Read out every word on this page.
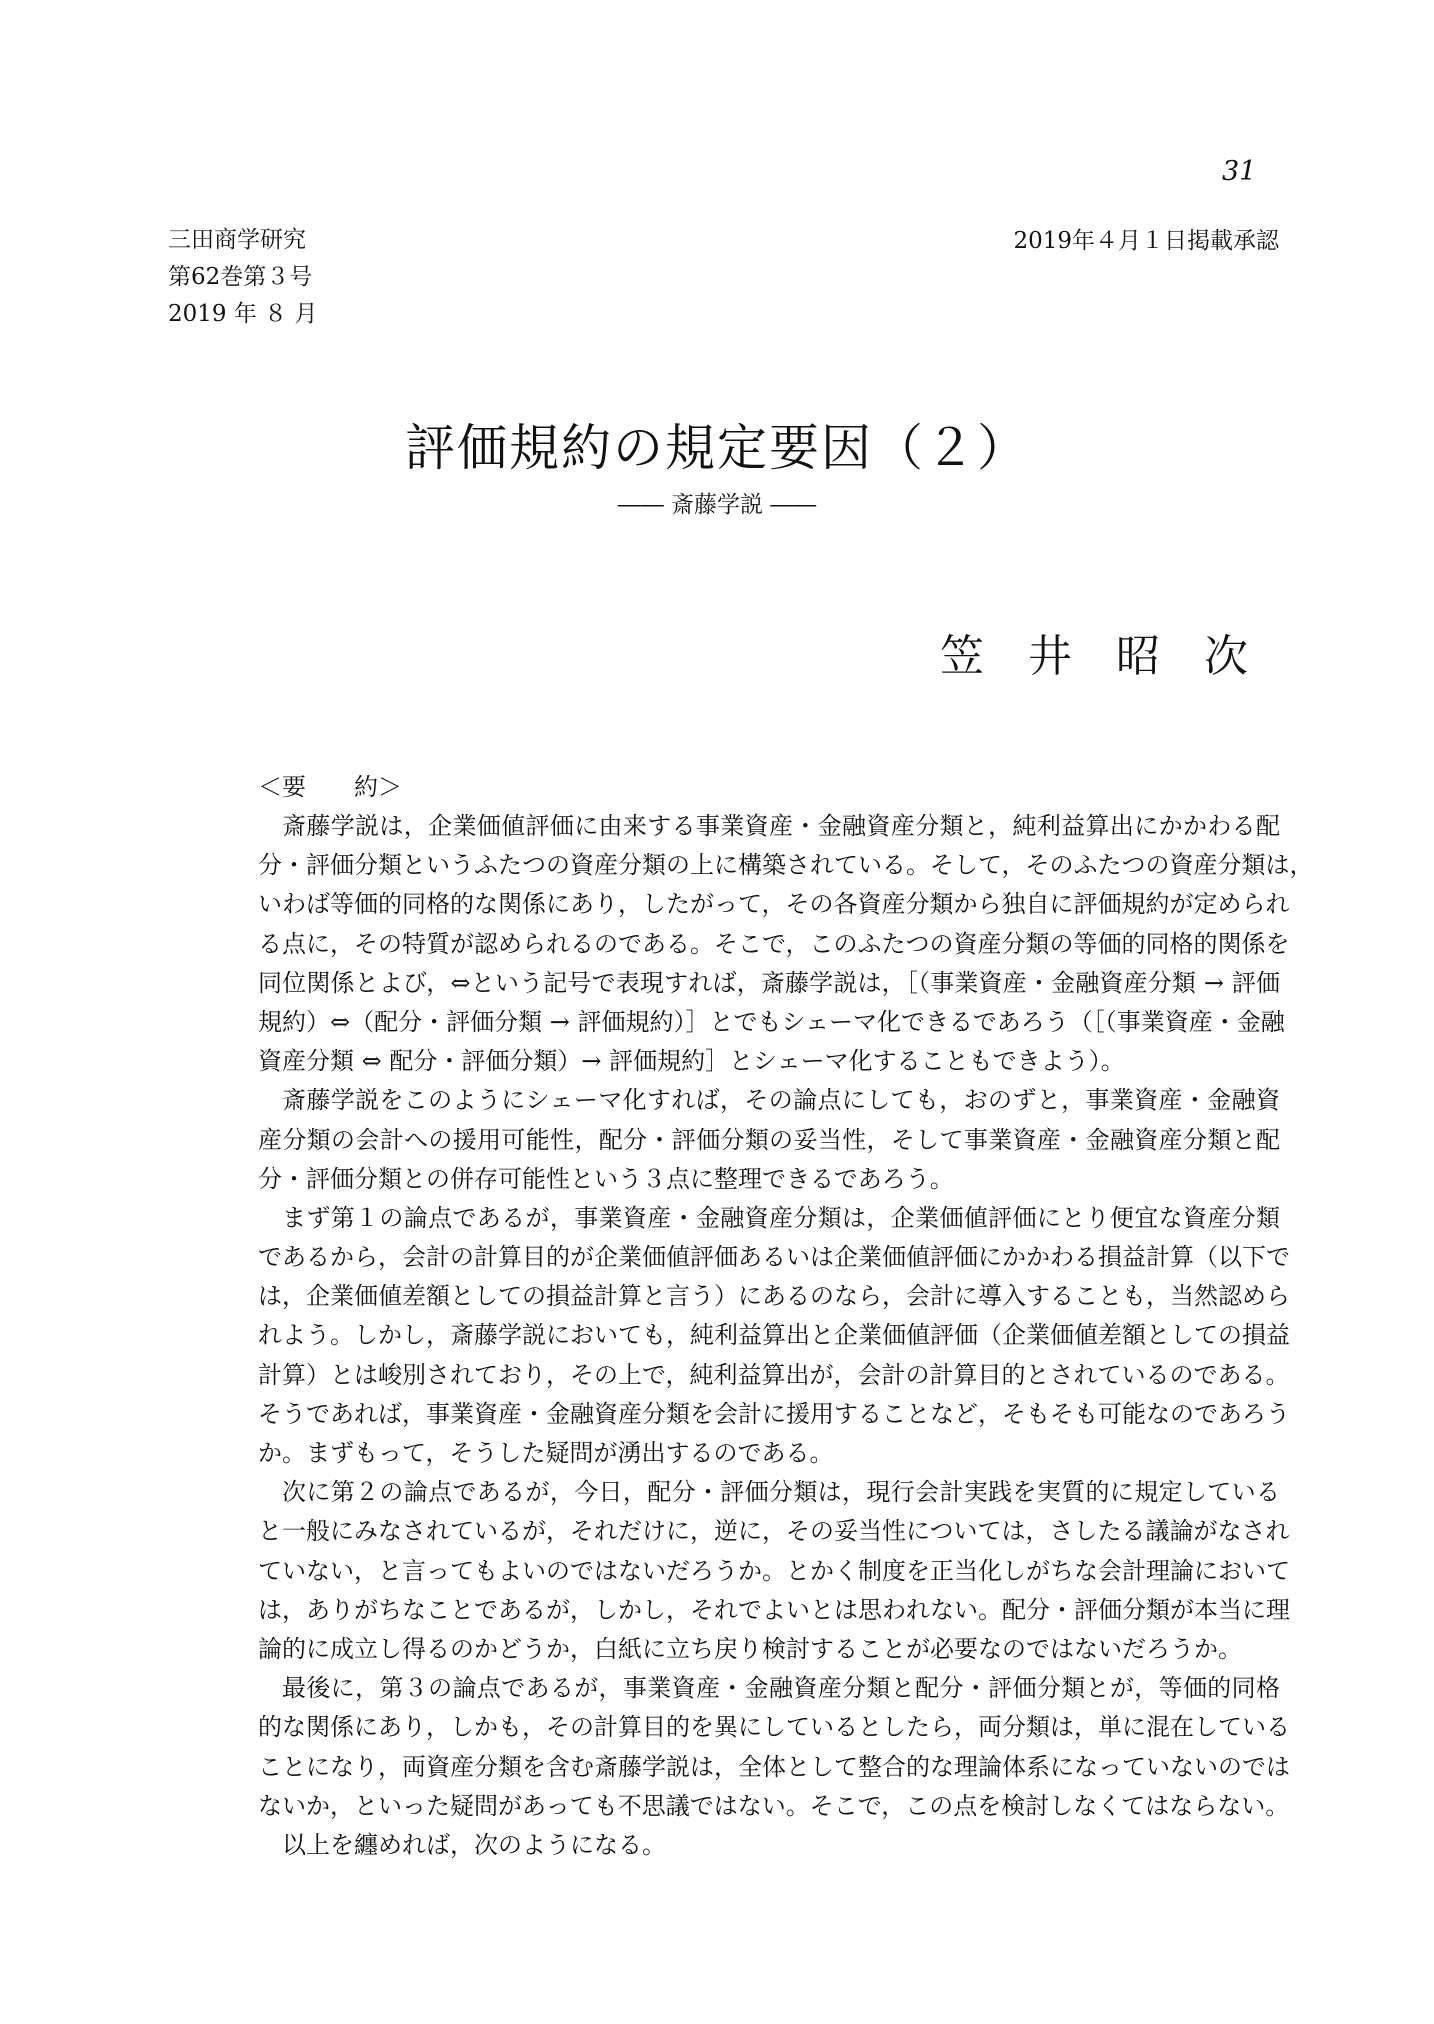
31
三田商学研究
第62巻第３号
2019 年 ８ 月
2019年４月１日掲載承認
評価規約の規定要因（２）
―― 斎藤学説 ――
笠井昭次
＜要　　約＞
斎藤学説は，企業価値評価に由来する事業資産・金融資産分類と，純利益算出にかかわる配
分・評価分類というふたつの資産分類の上に構築されている。そして，そのふたつの資産分類は，
いわば等価的同格的な関係にあり，したがって，その各資産分類から独自に評価規約が定められ
る点に，その特質が認められるのである。そこで，このふたつの資産分類の等価的同格的関係を
同位関係とよび，⇔という記号で表現すれば，斎藤学説は，［（事業資産・金融資産分類 → 評価
規約）⇔（配分・評価分類 → 評価規約）］とでもシェーマ化できるであろう（［（事業資産・金融
資産分類 ⇔ 配分・評価分類）→ 評価規約］とシェーマ化することもできよう）。
斎藤学説をこのようにシェーマ化すれば，その論点にしても，おのずと，事業資産・金融資
産分類の会計への援用可能性，配分・評価分類の妥当性，そして事業資産・金融資産分類と配
分・評価分類との併存可能性という３点に整理できるであろう。
まず第１の論点であるが，事業資産・金融資産分類は，企業価値評価にとり便宜な資産分類
であるから，会計の計算目的が企業価値評価あるいは企業価値評価にかかわる損益計算（以下で
は，企業価値差額としての損益計算と言う）にあるのなら，会計に導入することも，当然認めら
れよう。しかし，斎藤学説においても，純利益算出と企業価値評価（企業価値差額としての損益
計算）とは峻別されており，その上で，純利益算出が，会計の計算目的とされているのである。
そうであれば，事業資産・金融資産分類を会計に援用することなど，そもそも可能なのであろう
か。まずもって，そうした疑問が湧出するのである。
次に第２の論点であるが，今日，配分・評価分類は，現行会計実践を実質的に規定している
と一般にみなされているが，それだけに，逆に，その妥当性については，さしたる議論がなされ
ていない，と言ってもよいのではないだろうか。とかく制度を正当化しがちな会計理論において
は，ありがちなことであるが，しかし，それでよいとは思われない。配分・評価分類が本当に理
論的に成立し得るのかどうか，白紙に立ち戻り検討することが必要なのではないだろうか。
最後に，第３の論点であるが，事業資産・金融資産分類と配分・評価分類とが，等価的同格
的な関係にあり，しかも，その計算目的を異にしているとしたら，両分類は，単に混在している
ことになり，両資産分類を含む斎藤学説は，全体として整合的な理論体系になっていないのでは
ないか，といった疑問があっても不思議ではない。そこで，この点を検討しなくてはならない。
以上を纏めれば，次のようになる。
